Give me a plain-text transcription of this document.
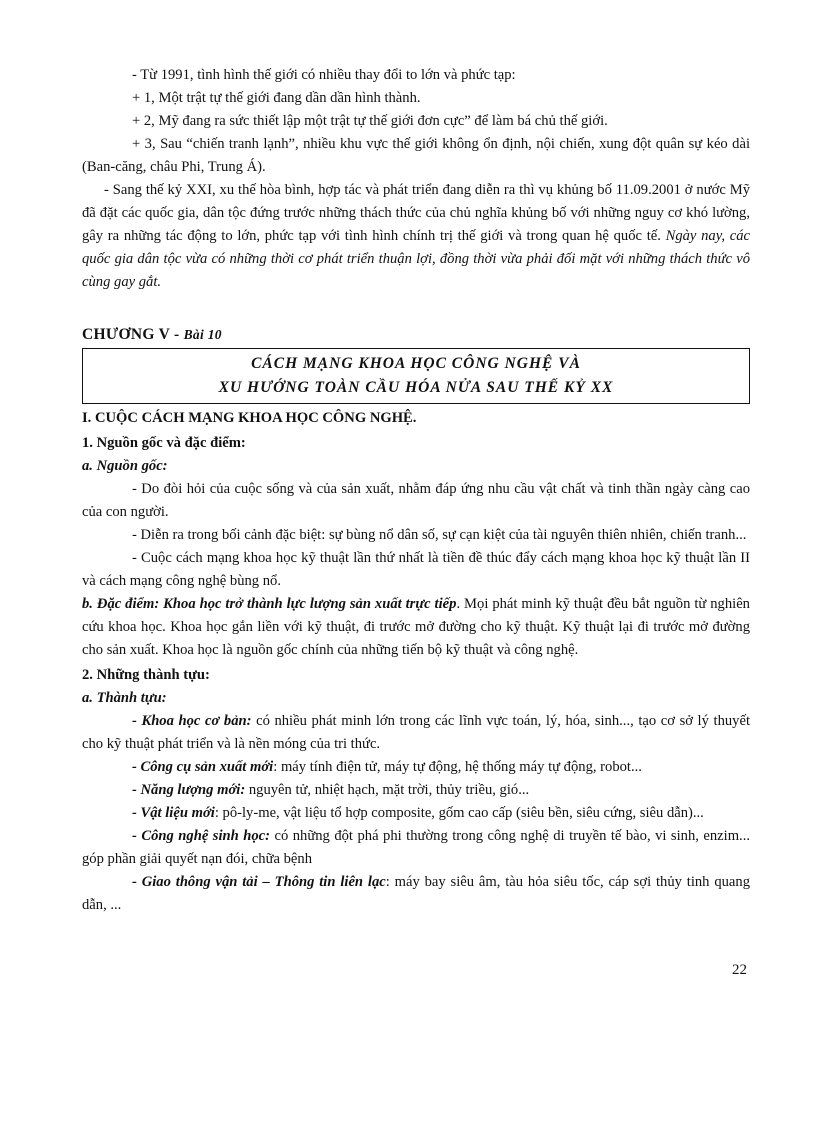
- Từ 1991, tình hình thế giới có nhiều thay đổi to lớn và phức tạp:

+ 1, Một trật tự thế giới đang dần dần hình thành.

+ 2, Mỹ đang ra sức thiết lập một trật tự thế giới đơn cực” để làm bá chủ thế giới.

+ 3, Sau “chiến tranh lạnh”, nhiều khu vực thế giới không ổn định, nội chiến, xung đột quân sự kéo dài (Ban-căng, châu Phi, Trung Á).

- Sang thế kỷ XXI, xu thế hòa bình, hợp tác và phát triển đang diễn ra thì vụ khủng bố 11.09.2001 ở nước Mỹ đã đặt các quốc gia, dân tộc đứng trước những thách thức của chủ nghĩa khủng bố với những nguy cơ khó lường, gây ra những tác động to lớn, phức tạp với tình hình chính trị thế giới và trong quan hệ quốc tế. Ngày nay, các quốc gia dân tộc vừa có những thời cơ phát triển thuận lợi, đồng thời vừa phải đối mặt với những thách thức vô cùng gay gắt.

CHƯƠNG V - Bài 10
CÁCH MẠNG KHOA HỌC CÔNG NGHỆ VÀ
XU HƯỚNG TOÀN CẦU HÓA NỬA SAU THẾ KỶ XX

I. CUỘC CÁCH MẠNG KHOA HỌC CÔNG NGHỆ.

1. Nguồn gốc và đặc điểm:

a. Nguồn gốc:

- Do đòi hỏi của cuộc sống và của sản xuất, nhằm đáp ứng nhu cầu vật chất và tinh thần ngày càng cao của con người.

- Diễn ra trong bối cảnh đặc biệt: sự bùng nổ dân số, sự cạn kiệt của tài nguyên thiên nhiên, chiến tranh...

- Cuộc cách mạng khoa học kỹ thuật lần thứ nhất là tiền đề thúc đẩy cách mạng khoa học kỹ thuật lần II và cách mạng công nghệ bùng nổ.

b. Đặc điểm: Khoa học trở thành lực lượng sản xuất trực tiếp. Mọi phát minh kỹ thuật đều bắt nguồn từ nghiên cứu khoa học. Khoa học gắn liền với kỹ thuật, đi trước mở đường cho kỹ thuật. Kỹ thuật lại đi trước mở đường cho sản xuất. Khoa học là nguồn gốc chính của những tiến bộ kỹ thuật và công nghệ.

2. Những thành tựu:

a. Thành tựu:

- Khoa học cơ bản: có nhiều phát minh lớn trong các lĩnh vực toán, lý, hóa, sinh..., tạo cơ sở lý thuyết cho kỹ thuật phát triển và là nền móng của tri thức.

- Công cụ sản xuất mới: máy tính điện tử, máy tự động, hệ thống máy tự động, robot...

- Năng lượng mới: nguyên tử, nhiệt hạch, mặt trời, thủy triều, gió...

- Vật liệu mới: pô-ly-me, vật liệu tổ hợp composite, gốm cao cấp (siêu bền, siêu cứng, siêu dẫn)...

- Công nghệ sinh học: có những đột phá phi thường trong công nghệ di truyền tế bào, vi sinh, enzim... góp phần giải quyết nạn đói, chữa bệnh

- Giao thông vận tải – Thông tin liên lạc: máy bay siêu âm, tàu hỏa siêu tốc, cáp sợi thủy tinh quang dẫn, ...

22
